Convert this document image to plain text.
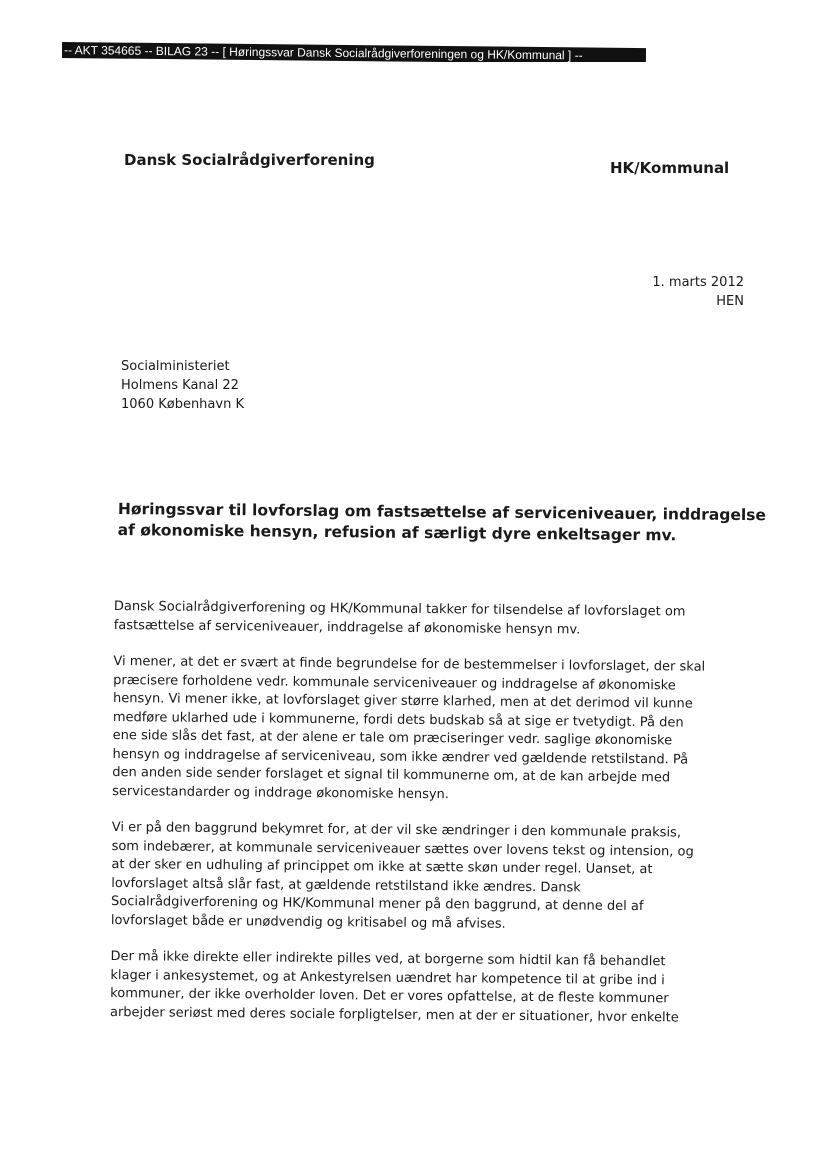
-- AKT 354665 -- BILAG 23 -- [ Høringssvar Dansk Socialrådgiverforeningen og HK/Kommunal ] --
Dansk Socialrådgiverforening	HK/Kommunal
1. marts 2012
HEN
Socialministeriet
Holmens Kanal 22
1060 København K
Høringssvar til lovforslag om fastsættelse af serviceniveauer, inddragelse
af økonomiske hensyn, refusion af særligt dyre enkeltsager mv.

Dansk Socialrådgiverforening og HK/Kommunal takker for tilsendelse af lovforslaget om
fastsættelse af serviceniveauer, inddragelse af økonomiske hensyn mv.

Vi mener, at det er svært at finde begrundelse for de bestemmelser i lovforslaget, der skal
præcisere forholdene vedr. kommunale serviceniveauer og inddragelse af økonomiske
hensyn. Vi mener ikke, at lovforslaget giver større klarhed, men at det derimod vil kunne
medføre uklarhed ude i kommunerne, fordi dets budskab så at sige er tvetydigt. På den
ene side slås det fast, at der alene er tale om præciseringer vedr. saglige økonomiske
hensyn og inddragelse af serviceniveau, som ikke ændrer ved gældende retstilstand. På
den anden side sender forslaget et signal til kommunerne om, at de kan arbejde med
servicestandarder og inddrage økonomiske hensyn.

Vi er på den baggrund bekymret for, at der vil ske ændringer i den kommunale praksis,
som indebærer, at kommunale serviceniveauer sættes over lovens tekst og intension, og
at der sker en udhuling af princippet om ikke at sætte skøn under regel. Uanset, at
lovforslaget altså slår fast, at gældende retstilstand ikke ændres. Dansk
Socialrådgiverforening og HK/Kommunal mener på den baggrund, at denne del af
lovforslaget både er unødvendig og kritisabel og må afvises.

Der må ikke direkte eller indirekte pilles ved, at borgerne som hidtil kan få behandlet
klager i ankesystemet, og at Ankestyrelsen uændret har kompetence til at gribe ind i
kommuner, der ikke overholder loven. Det er vores opfattelse, at de fleste kommuner
arbejder seriøst med deres sociale forpligtelser, men at der er situationer, hvor enkelte
